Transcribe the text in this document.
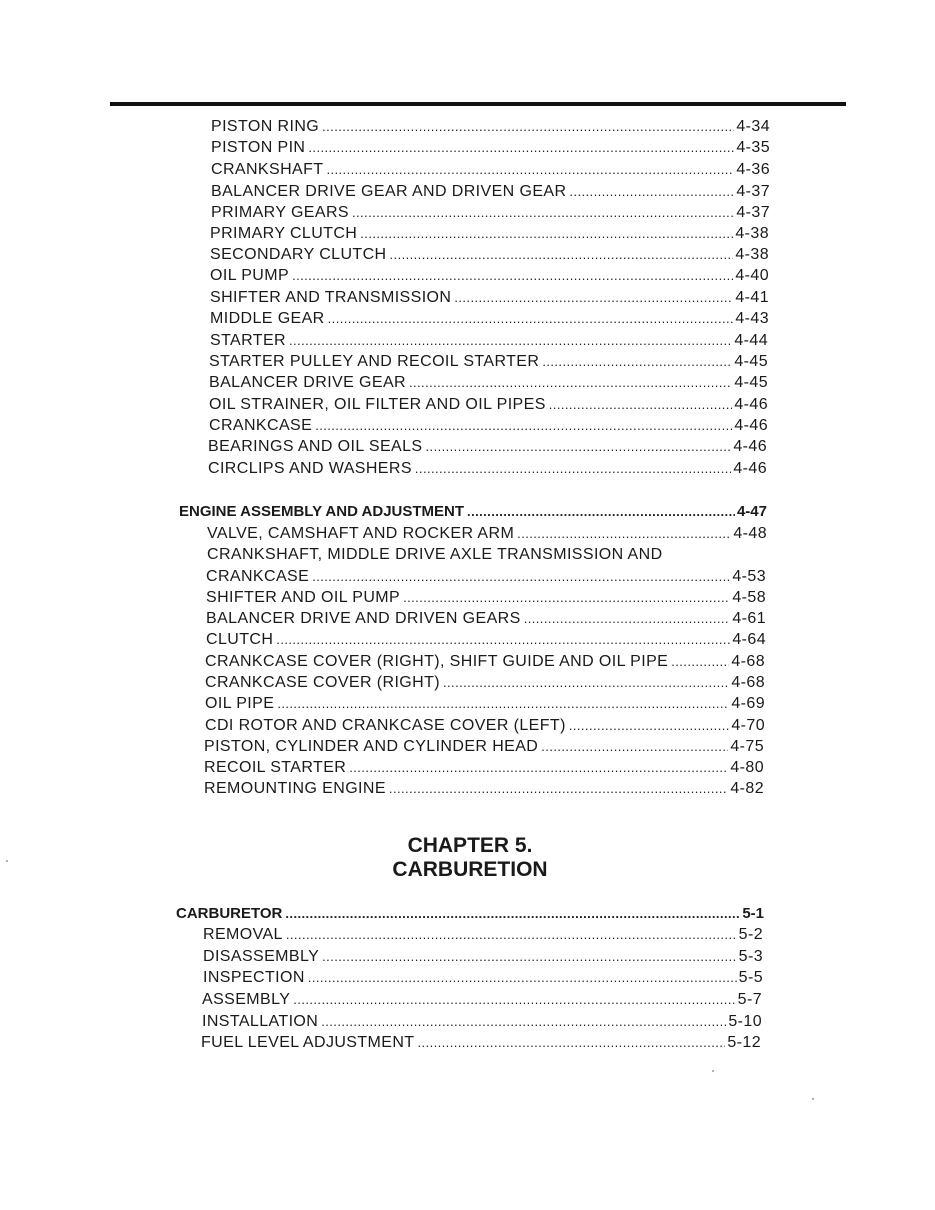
PISTON RING . . .	4-34
PISTON PIN . . .	4-35
CRANKSHAFT . . .	4-36
BALANCER DRIVE GEAR AND DRIVEN GEAR . . .	4-37
PRIMARY GEARS . . .	4-37
PRIMARY CLUTCH . . .	4-38
SECONDARY CLUTCH . . .	4-38
OIL PUMP . . .	4-40
SHIFTER AND TRANSMISSION . . .	4-41
MIDDLE GEAR . . .	4-43
STARTER . . .	4-44
STARTER PULLEY AND RECOIL STARTER . . .	4-45
BALANCER DRIVE GEAR . . .	4-45
OIL STRAINER, OIL FILTER AND OIL PIPES . . .	4-46
CRANKCASE . . .	4-46
BEARINGS AND OIL SEALS . . .	4-46
CIRCLIPS AND WASHERS . . .	4-46
ENGINE ASSEMBLY AND ADJUSTMENT . . .	4-47
VALVE, CAMSHAFT AND ROCKER ARM . . .	4-48
CRANKSHAFT, MIDDLE DRIVE AXLE TRANSMISSION AND
CRANKCASE . . .	4-53
SHIFTER AND OIL PUMP . . .	4-58
BALANCER DRIVE AND DRIVEN GEARS . . .	4-61
CLUTCH . . .	4-64
CRANKCASE COVER (RIGHT), SHIFT GUIDE AND OIL PIPE . . .	4-68
CRANKCASE COVER (RIGHT) . . .	4-68
OIL PIPE . . .	4-69
CDI ROTOR AND CRANKCASE COVER (LEFT) . . .	4-70
PISTON, CYLINDER AND CYLINDER HEAD . . .	4-75
RECOIL STARTER . . .	4-80
REMOUNTING ENGINE . . .	4-82
CHAPTER 5.
CARBURETION
CARBURETOR . . .	5-1
REMOVAL . . .	5-2
DISASSEMBLY . . .	5-3
INSPECTION . . .	5-5
ASSEMBLY . . .	5-7
INSTALLATION . . .	5-10
FUEL LEVEL ADJUSTMENT . . .	5-12
